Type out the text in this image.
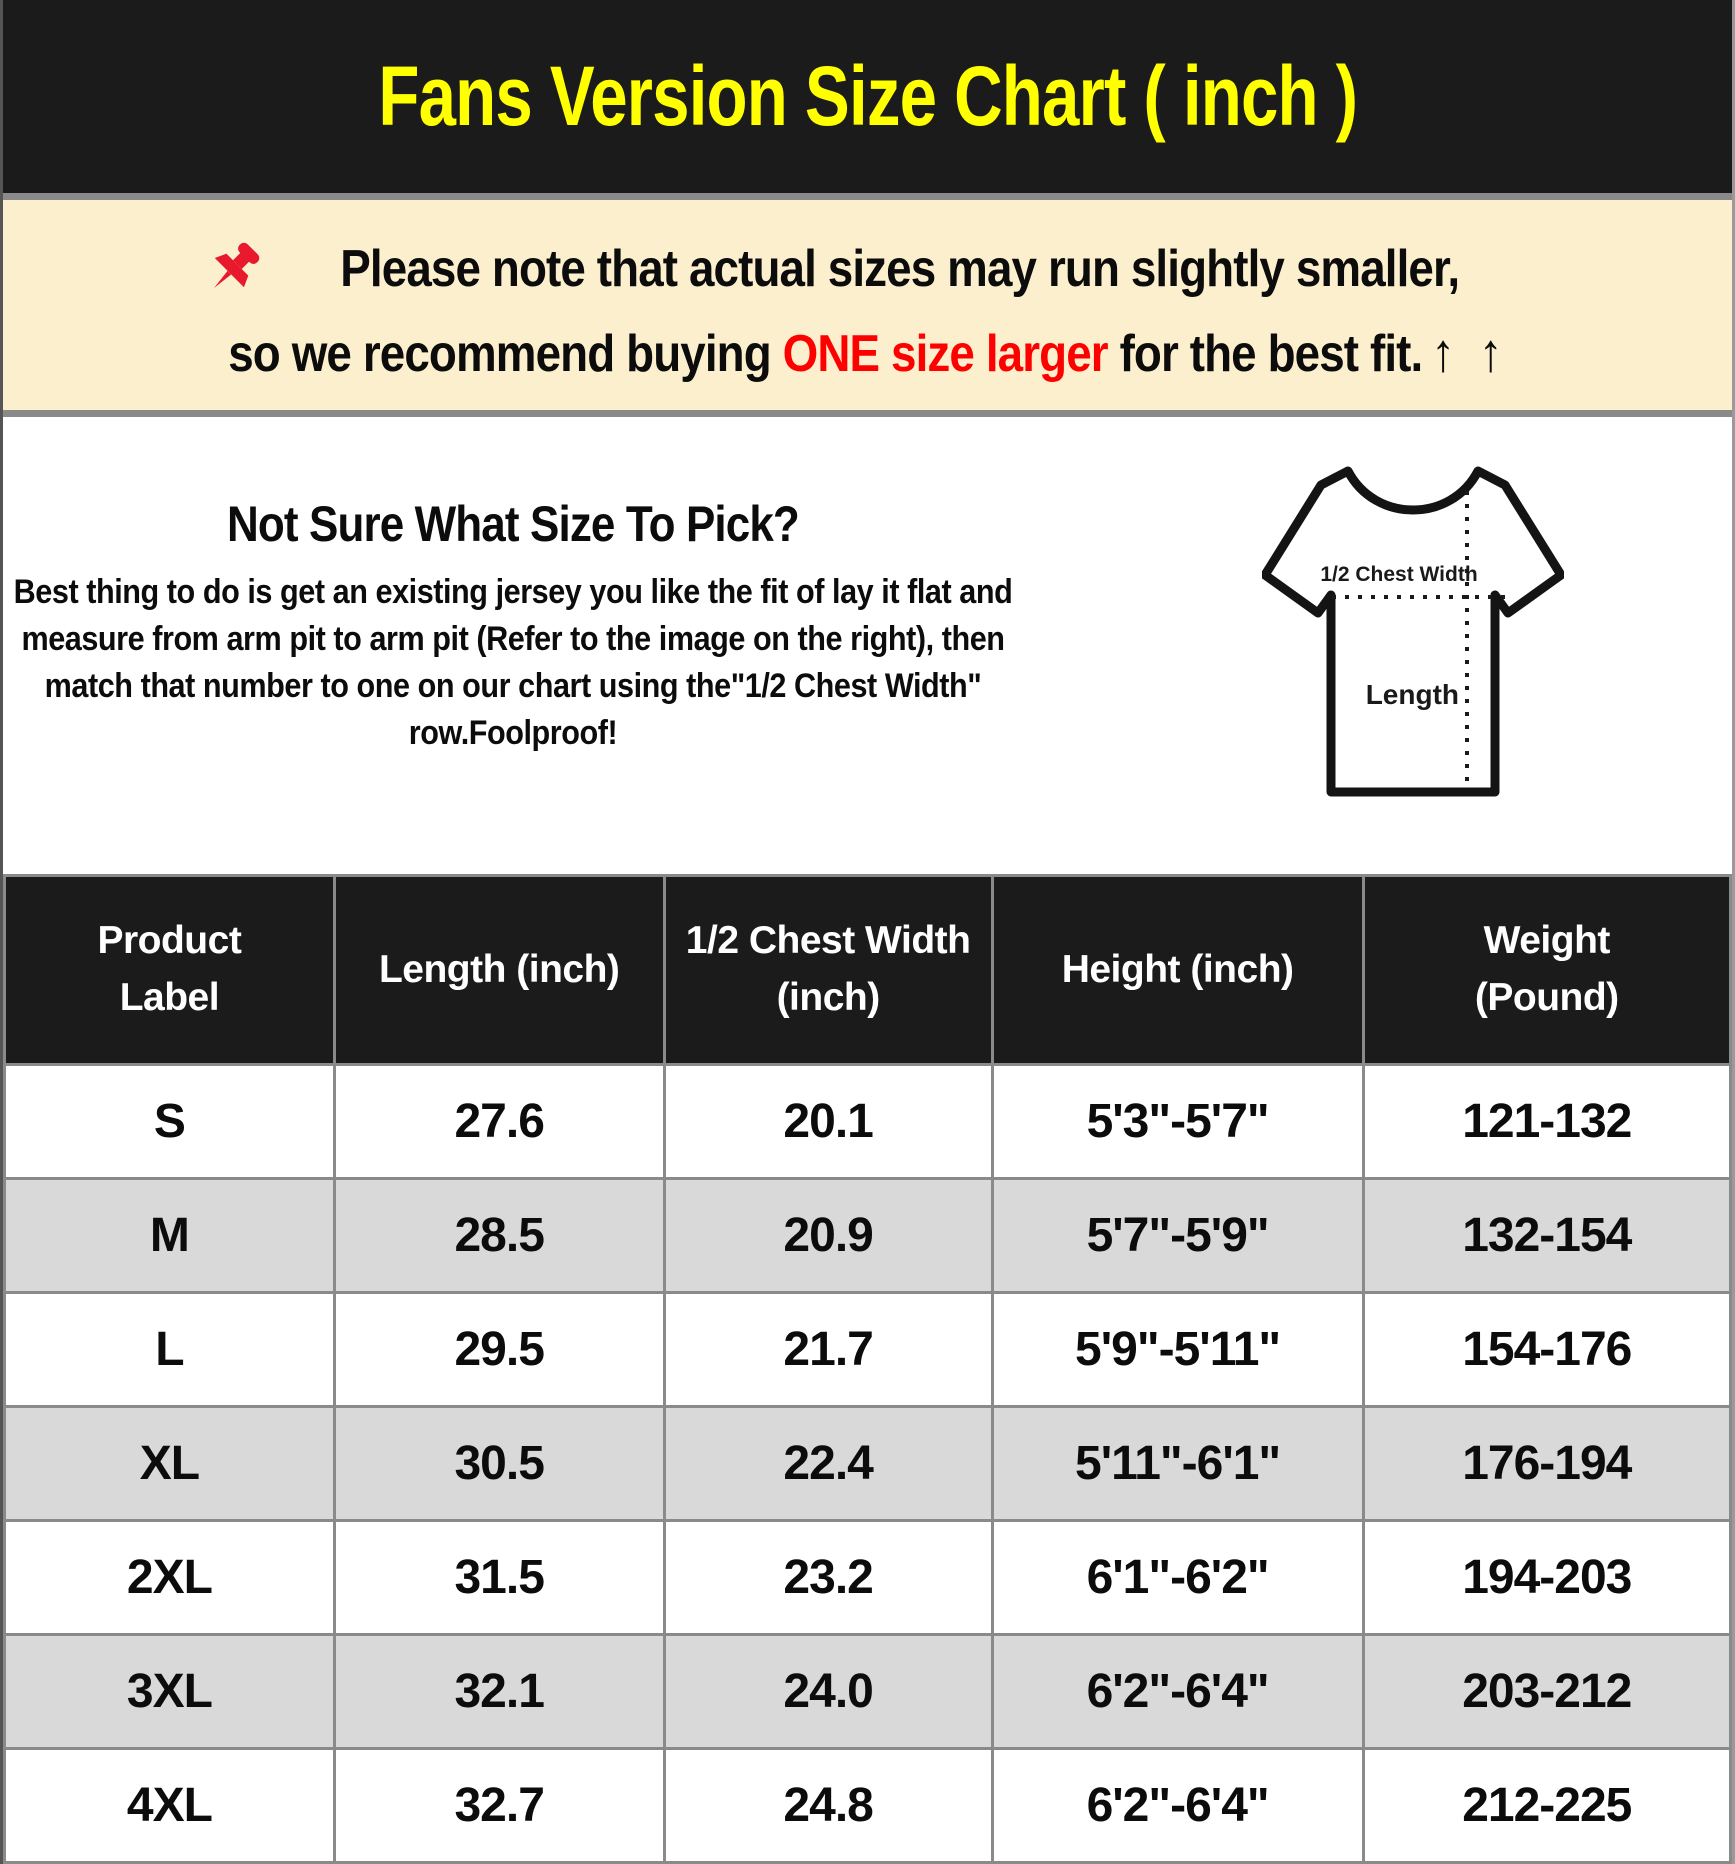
Fans Version Size Chart ( inch )

Please note that actual sizes may run slightly smaller,

so we recommend buying ONE size larger for the best fit. ↑ ↑

Not Sure What Size To Pick?

Best thing to do is get an existing jersey you like the fit of lay it flat and measure from arm pit to arm pit (Refer to the image on the right), then match that number to one on our chart using the"1/2 Chest Width" row.Foolproof!

1/2 Chest Width
Length
Product Label	Length (inch)	1/2 Chest Width (inch)	Height (inch)	Weight (Pound)
S	27.6	20.1	5'3"-5'7"	121-132
M	28.5	20.9	5'7"-5'9"	132-154
L	29.5	21.7	5'9"-5'11"	154-176
XL	30.5	22.4	5'11"-6'1"	176-194
2XL	31.5	23.2	6'1"-6'2"	194-203
3XL	32.1	24.0	6'2"-6'4"	203-212
4XL	32.7	24.8	6'2"-6'4"	212-225
